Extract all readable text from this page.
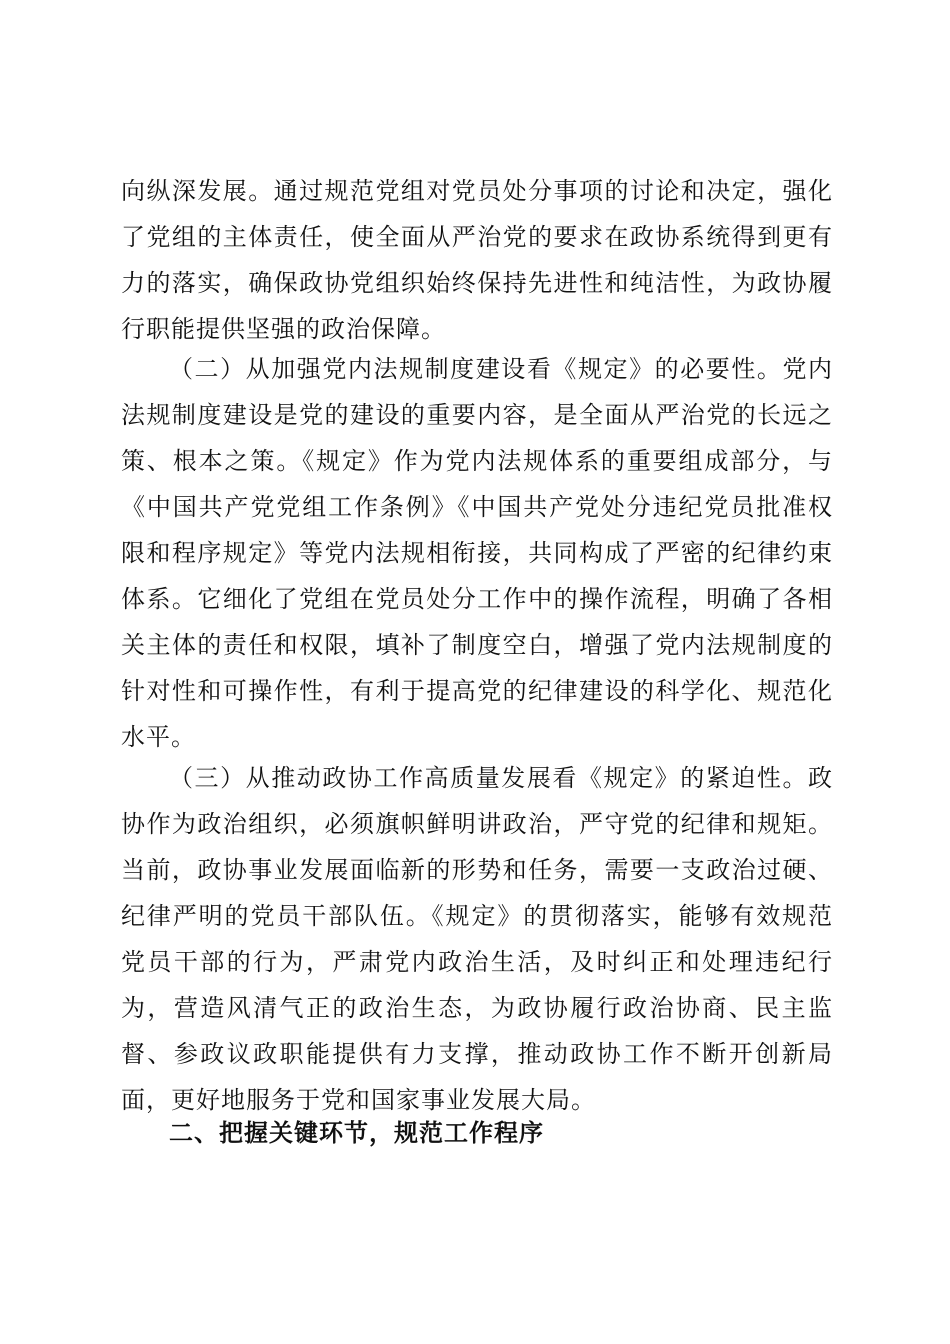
向纵深发展。通过规范党组对党员处分事项的讨论和决定，强化了党组的主体责任，使全面从严治党的要求在政协系统得到更有力的落实，确保政协党组织始终保持先进性和纯洁性，为政协履行职能提供坚强的政治保障。

（二）从加强党内法规制度建设看《规定》的必要性。党内法规制度建设是党的建设的重要内容，是全面从严治党的长远之策、根本之策。《规定》作为党内法规体系的重要组成部分，与《中国共产党党组工作条例》《中国共产党处分违纪党员批准权限和程序规定》等党内法规相衔接，共同构成了严密的纪律约束体系。它细化了党组在党员处分工作中的操作流程，明确了各相关主体的责任和权限，填补了制度空白，增强了党内法规制度的针对性和可操作性，有利于提高党的纪律建设的科学化、规范化水平。

（三）从推动政协工作高质量发展看《规定》的紧迫性。政协作为政治组织，必须旗帜鲜明讲政治，严守党的纪律和规矩。当前，政协事业发展面临新的形势和任务，需要一支政治过硬、纪律严明的党员干部队伍。《规定》的贯彻落实，能够有效规范党员干部的行为，严肃党内政治生活，及时纠正和处理违纪行为，营造风清气正的政治生态，为政协履行政治协商、民主监督、参政议政职能提供有力支撑，推动政协工作不断开创新局面，更好地服务于党和国家事业发展大局。

二、把握关键环节，规范工作程序
